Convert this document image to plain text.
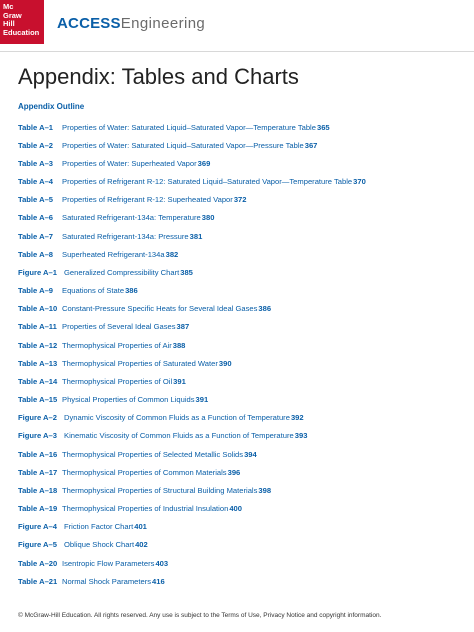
Mc
Graw
Hill
Education
ACCESSEngineering
Appendix: Tables and Charts
Appendix Outline
Table A–1 Properties of Water: Saturated Liquid–Saturated Vapor—Temperature Table365
Table A–2 Properties of Water: Saturated Liquid–Saturated Vapor—Pressure Table367
Table A–3 Properties of Water: Superheated Vapor369
Table A–4 Properties of Refrigerant R-12: Saturated Liquid–Saturated Vapor—Temperature Table370
Table A–5 Properties of Refrigerant R-12: Superheated Vapor372
Table A–6 Saturated Refrigerant-134a: Temperature380
Table A–7 Saturated Refrigerant-134a: Pressure381
Table A–8 Superheated Refrigerant-134a382
Figure A–1 Generalized Compressibility Chart385
Table A–9 Equations of State386
Table A–10 Constant-Pressure Specific Heats for Several Ideal Gases386
Table A–11 Properties of Several Ideal Gases387
Table A–12 Thermophysical Properties of Air388
Table A–13 Thermophysical Properties of Saturated Water390
Table A–14 Thermophysical Properties of Oil391
Table A–15 Physical Properties of Common Liquids391
Figure A–2 Dynamic Viscosity of Common Fluids as a Function of Temperature392
Figure A–3 Kinematic Viscosity of Common Fluids as a Function of Temperature393
Table A–16 Thermophysical Properties of Selected Metallic Solids394
Table A–17 Thermophysical Properties of Common Materials396
Table A–18 Thermophysical Properties of Structural Building Materials398
Table A–19 Thermophysical Properties of Industrial Insulation400
Figure A–4 Friction Factor Chart401
Figure A–5 Oblique Shock Chart402
Table A–20 Isentropic Flow Parameters403
Table A–21 Normal Shock Parameters416
© McGraw-Hill Education. All rights reserved. Any use is subject to the Terms of Use, Privacy Notice and copyright information.
